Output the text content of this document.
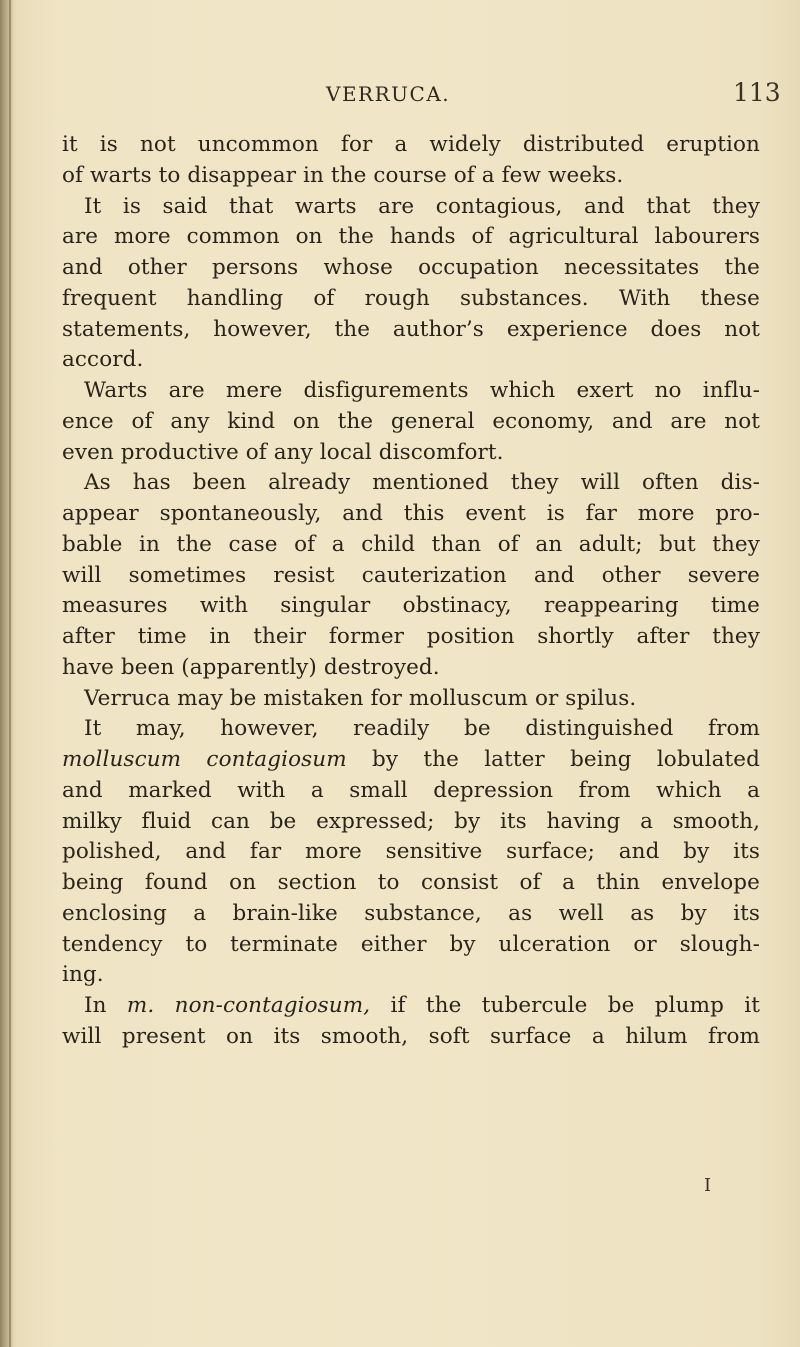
VERRUCA.	113
it is not uncommon for a widely distributed eruption
of warts to disappear in the course of a few weeks.
It is said that warts are contagious, and that they
are more common on the hands of agricultural labourers
and other persons whose occupation necessitates the
frequent handling of rough substances. With these
statements, however, the author’s experience does not
accord.
Warts are mere disfigurements which exert no influ-
ence of any kind on the general economy, and are not
even productive of any local discomfort.
As has been already mentioned they will often dis-
appear spontaneously, and this event is far more pro-
bable in the case of a child than of an adult; but they
will sometimes resist cauterization and other severe
measures with singular obstinacy, reappearing time
after time in their former position shortly after they
have been (apparently) destroyed.
Verruca may be mistaken for molluscum or spilus.
It may, however, readily be distinguished from
molluscum contagiosum by the latter being lobulated
and marked with a small depression from which a
milky fluid can be expressed; by its having a smooth,
polished, and far more sensitive surface; and by its
being found on section to consist of a thin envelope
enclosing a brain-like substance, as well as by its
tendency to terminate either by ulceration or slough-
ing.
In m. non-contagiosum, if the tubercule be plump it
will present on its smooth, soft surface a hilum from
I
